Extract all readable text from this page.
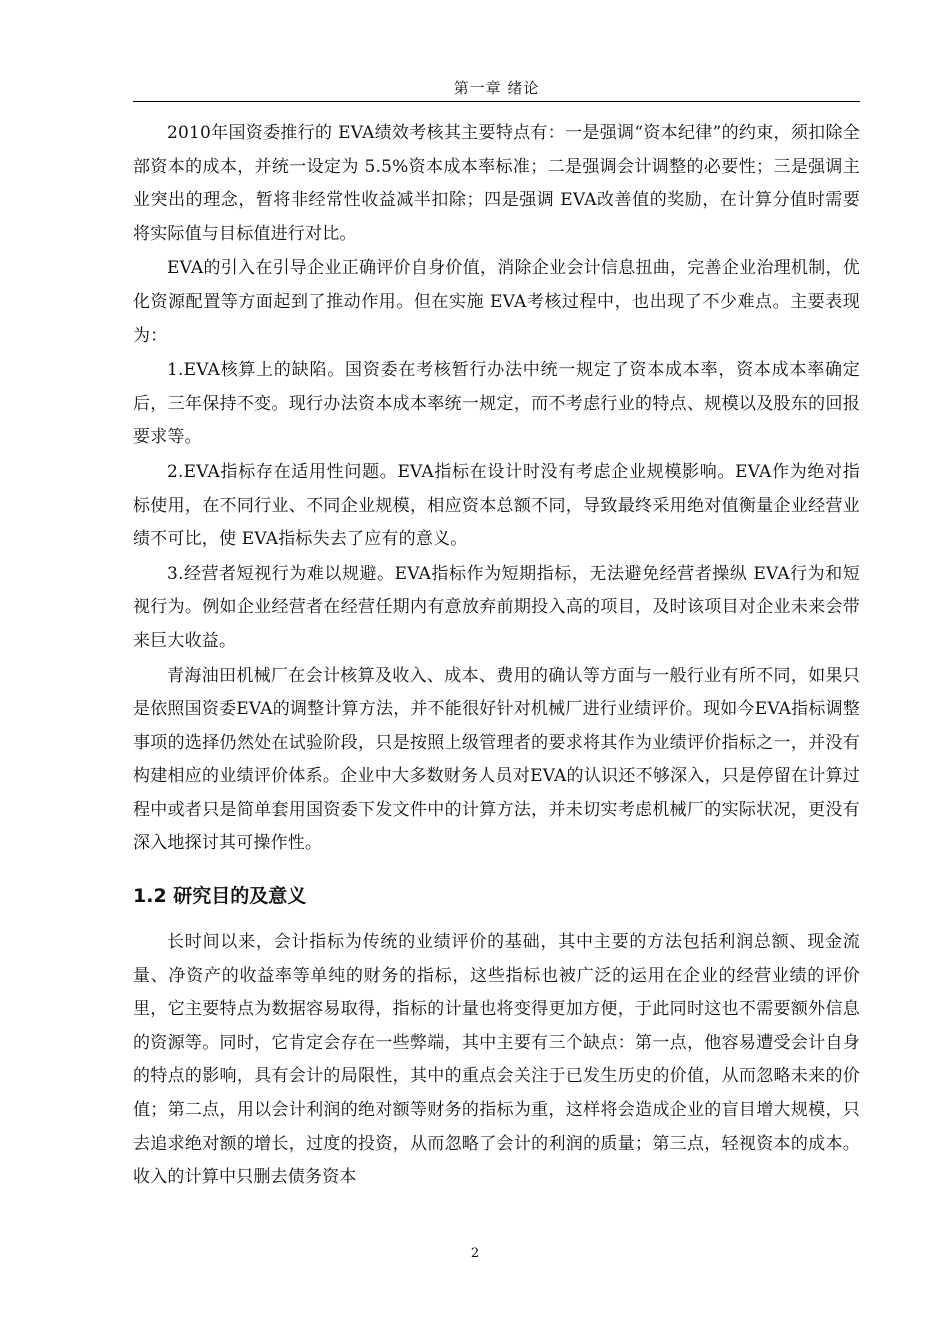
第一章 绪论

2010年国资委推行的 EVA绩效考核其主要特点有：一是强调“资本纪律”的约束，须扣除全部资本的成本，并统一设定为 5.5%资本成本率标准；二是强调会计调整的必要性；三是强调主业突出的理念，暂将非经常性收益减半扣除；四是强调 EVA改善值的奖励，在计算分值时需要将实际值与目标值进行对比。

EVA的引入在引导企业正确评价自身价值，消除企业会计信息扭曲，完善企业治理机制，优化资源配置等方面起到了推动作用。但在实施 EVA考核过程中，也出现了不少难点。主要表现为：

1.EVA核算上的缺陷。国资委在考核暂行办法中统一规定了资本成本率，资本成本率确定后，三年保持不变。现行办法资本成本率统一规定，而不考虑行业的特点、规模以及股东的回报要求等。

2.EVA指标存在适用性问题。EVA指标在设计时没有考虑企业规模影响。EVA作为绝对指标使用，在不同行业、不同企业规模，相应资本总额不同，导致最终采用绝对值衡量企业经营业绩不可比，使 EVA指标失去了应有的意义。

3.经营者短视行为难以规避。EVA指标作为短期指标，无法避免经营者操纵 EVA行为和短视行为。例如企业经营者在经营任期内有意放弃前期投入高的项目，及时该项目对企业未来会带来巨大收益。

青海油田机械厂在会计核算及收入、成本、费用的确认等方面与一般行业有所不同，如果只是依照国资委EVA的调整计算方法，并不能很好针对机械厂进行业绩评价。现如今EVA指标调整事项的选择仍然处在试验阶段，只是按照上级管理者的要求将其作为业绩评价指标之一，并没有构建相应的业绩评价体系。企业中大多数财务人员对EVA的认识还不够深入，只是停留在计算过程中或者只是简单套用国资委下发文件中的计算方法，并未切实考虑机械厂的实际状况，更没有深入地探讨其可操作性。

1.2 研究目的及意义

长时间以来，会计指标为传统的业绩评价的基础，其中主要的方法包括利润总额、现金流量、净资产的收益率等单纯的财务的指标，这些指标也被广泛的运用在企业的经营业绩的评价里，它主要特点为数据容易取得，指标的计量也将变得更加方便，于此同时这也不需要额外信息的资源等。同时，它肯定会存在一些弊端，其中主要有三个缺点：第一点，他容易遭受会计自身的特点的影响，具有会计的局限性，其中的重点会关注于已发生历史的价值，从而忽略未来的价值；第二点，用以会计利润的绝对额等财务的指标为重，这样将会造成企业的盲目增大规模，只去追求绝对额的增长，过度的投资，从而忽略了会计的利润的质量；第三点，轻视资本的成本。收入的计算中只删去债务资本

2
